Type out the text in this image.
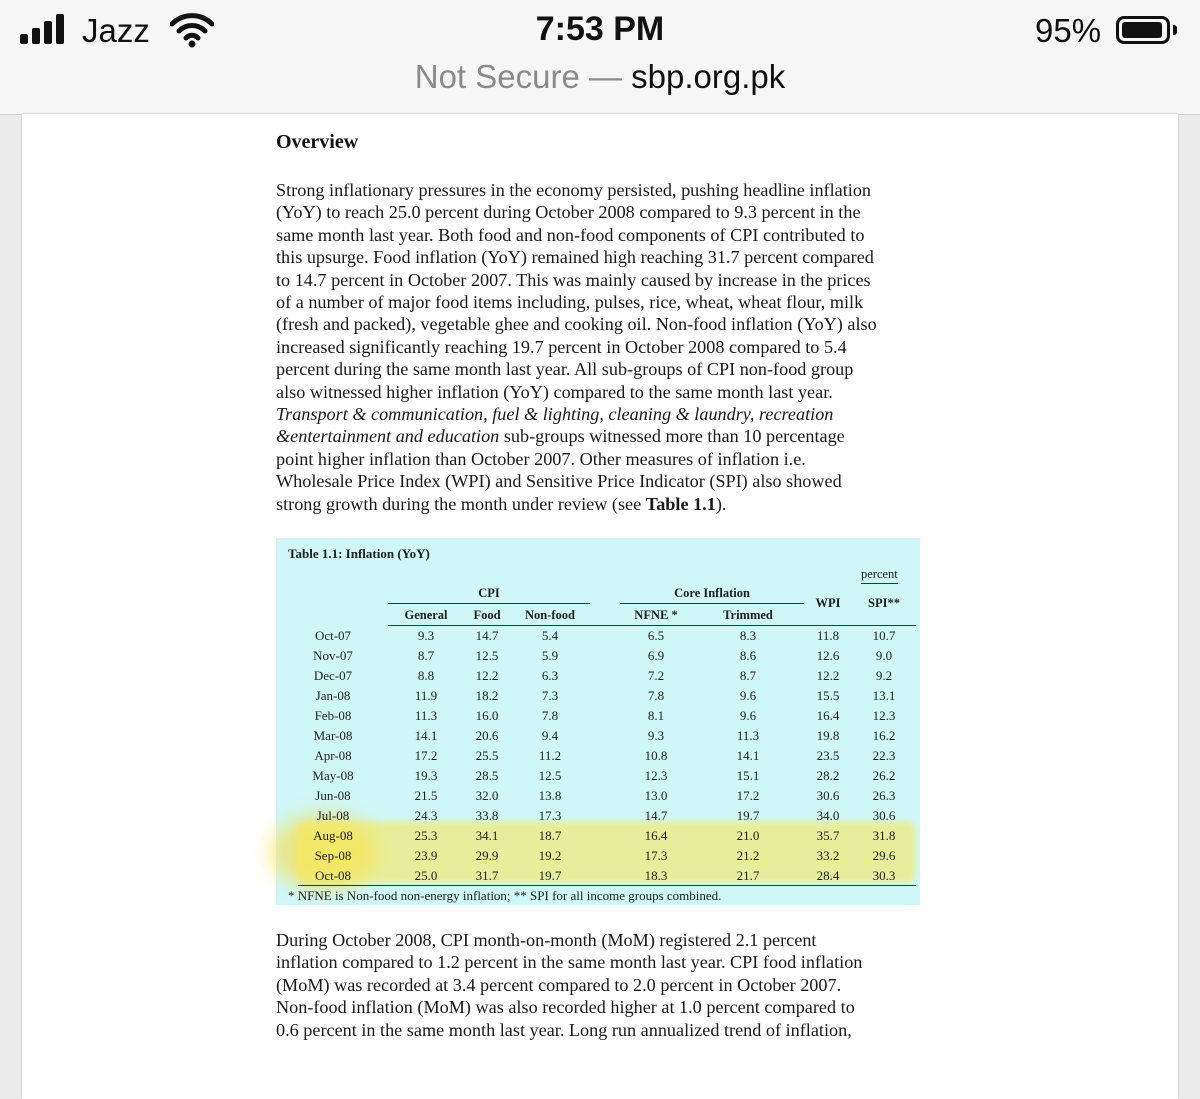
Jazz	7:53 PM	95%
Not Secure — sbp.org.pk
Overview

Strong inflationary pressures in the economy persisted, pushing headline inflation
(YoY) to reach 25.0 percent during October 2008 compared to 9.3 percent in the
same month last year. Both food and non-food components of CPI contributed to
this upsurge. Food inflation (YoY) remained high reaching 31.7 percent compared
to 14.7 percent in October 2007. This was mainly caused by increase in the prices
of a number of major food items including, pulses, rice, wheat, wheat flour, milk
(fresh and packed), vegetable ghee and cooking oil. Non-food inflation (YoY) also
increased significantly reaching 19.7 percent in October 2008 compared to 5.4
percent during the same month last year. All sub-groups of CPI non-food group
also witnessed higher inflation (YoY) compared to the same month last year.
Transport & communication, fuel & lighting, cleaning & laundry, recreation
&entertainment and education sub-groups witnessed more than 10 percentage
point higher inflation than October 2007. Other measures of inflation i.e.
Wholesale Price Index (WPI) and Sensitive Price Indicator (SPI) also showed
strong growth during the month under review (see Table 1.1).

Table 1.1: Inflation (YoY)
percent
CPI	Core Inflation
General	Food	Non-food	NFNE *	Trimmed
WPI	SPI**
Oct-07	9.3	14.7	5.4	6.5	8.3	11.8	10.7
Nov-07	8.7	12.5	5.9	6.9	8.6	12.6	9.0
Dec-07	8.8	12.2	6.3	7.2	8.7	12.2	9.2
Jan-08	11.9	18.2	7.3	7.8	9.6	15.5	13.1
Feb-08	11.3	16.0	7.8	8.1	9.6	16.4	12.3
Mar-08	14.1	20.6	9.4	9.3	11.3	19.8	16.2
Apr-08	17.2	25.5	11.2	10.8	14.1	23.5	22.3
May-08	19.3	28.5	12.5	12.3	15.1	28.2	26.2
Jun-08	21.5	32.0	13.8	13.0	17.2	30.6	26.3
Jul-08	24.3	33.8	17.3	14.7	19.7	34.0	30.6
Aug-08	25.3	34.1	18.7	16.4	21.0	35.7	31.8
Sep-08	23.9	29.9	19.2	17.3	21.2	33.2	29.6
Oct-08	25.0	31.7	19.7	18.3	21.7	28.4	30.3
* NFNE is Non-food non-energy inflation; ** SPI for all income groups combined.

During October 2008, CPI month-on-month (MoM) registered 2.1 percent
inflation compared to 1.2 percent in the same month last year. CPI food inflation
(MoM) was recorded at 3.4 percent compared to 2.0 percent in October 2007.
Non-food inflation (MoM) was also recorded higher at 1.0 percent compared to
0.6 percent in the same month last year. Long run annualized trend of inflation,
